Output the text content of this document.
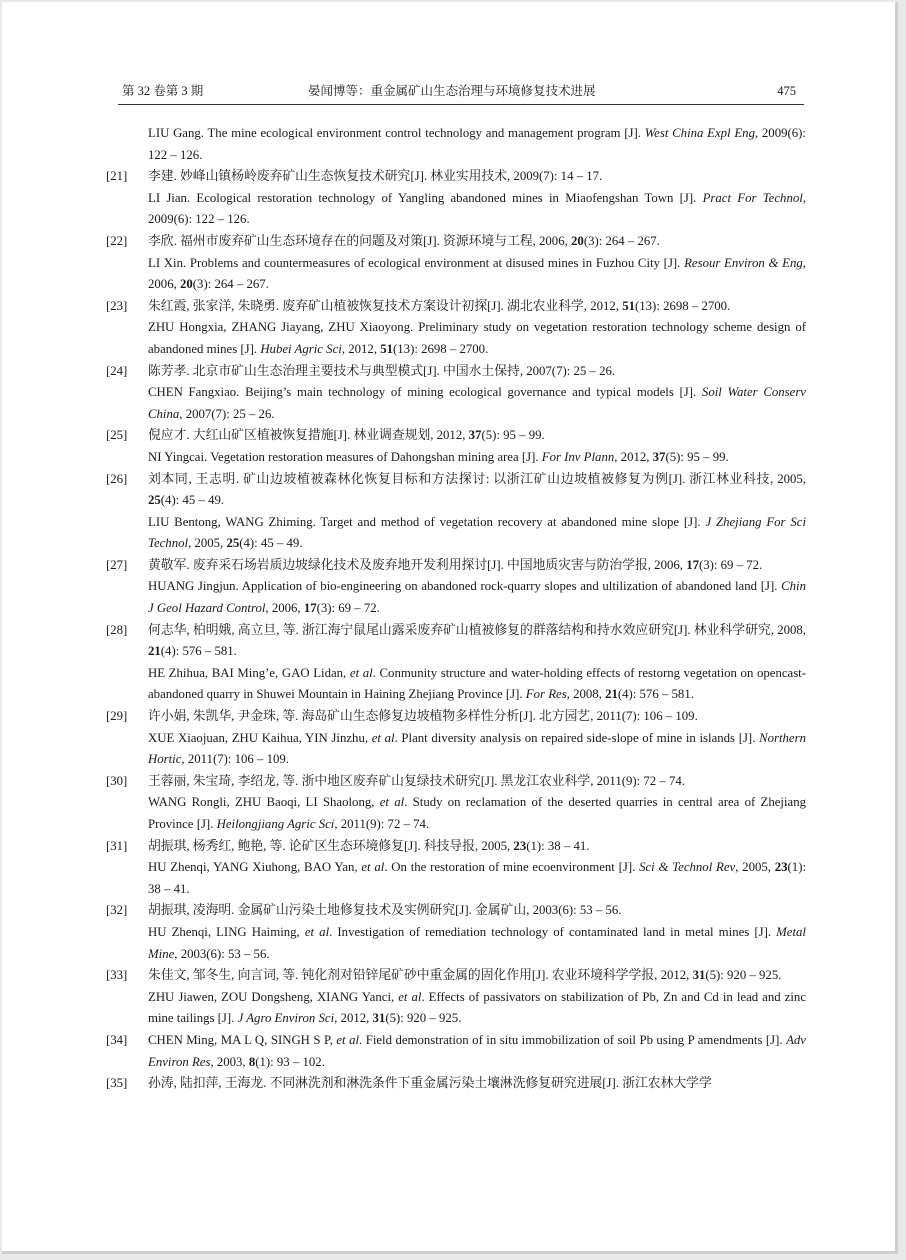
第 32 卷第 3 期	晏闻博等：重金属矿山生态治理与环境修复技术进展	475

LIU Gang. The mine ecological environment control technology and management program [J]. West China Expl Eng, 2009(6): 122 – 126.

[21] 李建. 妙峰山镇杨岭废弃矿山生态恢复技术研究[J]. 林业实用技术, 2009(7): 14 – 17.

LI Jian. Ecological restoration technology of Yangling abandoned mines in Miaofengshan Town [J]. Pract For Technol, 2009(6): 122 – 126.

[22] 李欣. 福州市废弃矿山生态环境存在的问题及对策[J]. 资源环境与工程, 2006, 20(3): 264 – 267.

LI Xin. Problems and countermeasures of ecological environment at disused mines in Fuzhou City [J]. Resour Environ & Eng, 2006, 20(3): 264 – 267.

[23] 朱红霞, 张家洋, 朱晓勇. 废弃矿山植被恢复技术方案设计初探[J]. 湖北农业科学, 2012, 51(13): 2698 – 2700.

ZHU Hongxia, ZHANG Jiayang, ZHU Xiaoyong. Preliminary study on vegetation restoration technology scheme design of abandoned mines [J]. Hubei Agric Sci, 2012, 51(13): 2698 – 2700.

[24] 陈芳孝. 北京市矿山生态治理主要技术与典型模式[J]. 中国水土保持, 2007(7): 25 – 26.

CHEN Fangxiao. Beijing’s main technology of mining ecological governance and typical models [J]. Soil Water Conserv China, 2007(7): 25 – 26.

[25] 倪应才. 大红山矿区植被恢复措施[J]. 林业调查规划, 2012, 37(5): 95 – 99.

NI Yingcai. Vegetation restoration measures of Dahongshan mining area [J]. For Inv Plann, 2012, 37(5): 95 – 99.

[26] 刘本同, 王志明. 矿山边坡植被森林化恢复目标和方法探讨: 以浙江矿山边坡植被修复为例[J]. 浙江林业科技, 2005, 25(4): 45 – 49.

LIU Bentong, WANG Zhiming. Target and method of vegetation recovery at abandoned mine slope [J]. J Zhejiang For Sci Technol, 2005, 25(4): 45 – 49.

[27] 黄敬军. 废弃采石场岩质边坡绿化技术及废弃地开发利用探讨[J]. 中国地质灾害与防治学报, 2006, 17(3): 69 – 72.

HUANG Jingjun. Application of bio-engineering on abandoned rock-quarry slopes and ultilization of abandoned land [J]. Chin J Geol Hazard Control, 2006, 17(3): 69 – 72.

[28] 何志华, 柏明娥, 高立旦, 等. 浙江海宁鼠尾山露采废弃矿山植被修复的群落结构和持水效应研究[J]. 林业科学研究, 2008, 21(4): 576 – 581.

HE Zhihua, BAI Ming’e, GAO Lidan, et al. Conmunity structure and water-holding effects of restorng vegetation on opencast-abandoned quarry in Shuwei Mountain in Haining Zhejiang Province [J]. For Res, 2008, 21(4): 576 – 581.

[29] 许小娟, 朱凯华, 尹金珠, 等. 海岛矿山生态修复边坡植物多样性分析[J]. 北方园艺, 2011(7): 106 – 109.

XUE Xiaojuan, ZHU Kaihua, YIN Jinzhu, et al. Plant diversity analysis on repaired side-slope of mine in islands [J]. Northern Hortic, 2011(7): 106 – 109.

[30] 王蓉丽, 朱宝琦, 李绍龙, 等. 浙中地区废弃矿山复绿技术研究[J]. 黑龙江农业科学, 2011(9): 72 – 74.

WANG Rongli, ZHU Baoqi, LI Shaolong, et al. Study on reclamation of the deserted quarries in central area of Zhejiang Province [J]. Heilongjiang Agric Sci, 2011(9): 72 – 74.

[31] 胡振琪, 杨秀红, 鲍艳, 等. 论矿区生态环境修复[J]. 科技导报, 2005, 23(1): 38 – 41.

HU Zhenqi, YANG Xiuhong, BAO Yan, et al. On the restoration of mine ecoenvironment [J]. Sci & Technol Rev, 2005, 23(1): 38 – 41.

[32] 胡振琪, 凌海明. 金属矿山污染土地修复技术及实例研究[J]. 金属矿山, 2003(6): 53 – 56.

HU Zhenqi, LING Haiming, et al. Investigation of remediation technology of contaminated land in metal mines [J]. Metal Mine, 2003(6): 53 – 56.

[33] 朱佳文, 邹冬生, 向言词, 等. 钝化剂对铅锌尾矿砂中重金属的固化作用[J]. 农业环境科学学报, 2012, 31(5): 920 – 925.

ZHU Jiawen, ZOU Dongsheng, XIANG Yanci, et al. Effects of passivators on stabilization of Pb, Zn and Cd in lead and zinc mine tailings [J]. J Agro Environ Sci, 2012, 31(5): 920 – 925.

[34] CHEN Ming, MA L Q, SINGH S P, et al. Field demonstration of in situ immobilization of soil Pb using P amendments [J]. Adv Environ Res, 2003, 8(1): 93 – 102.

[35] 孙涛, 陆扣萍, 王海龙. 不同淋洗剂和淋洗条件下重金属污染土壤淋洗修复研究进展[J]. 浙江农林大学学
